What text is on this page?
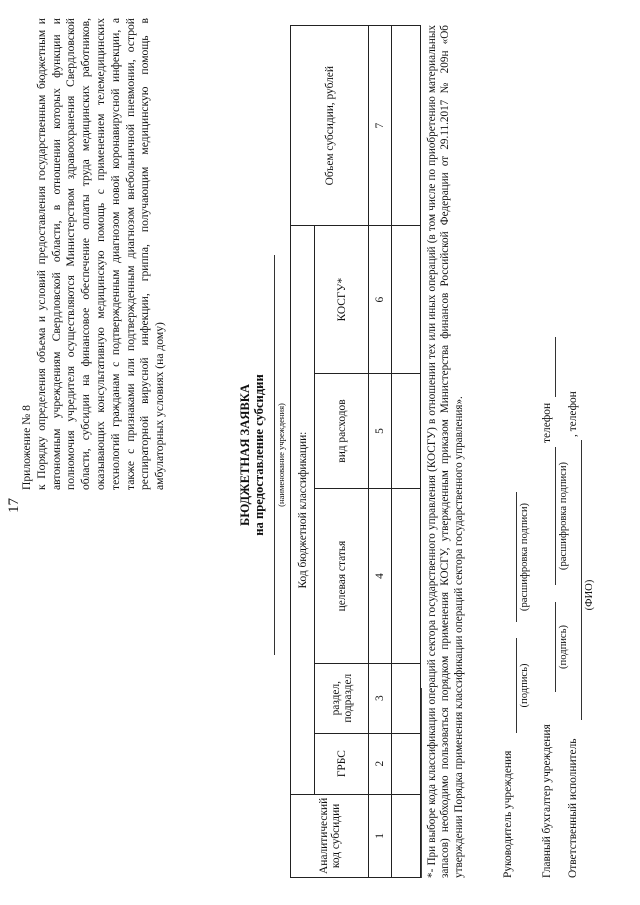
17
Приложение № 8 к Порядку определения объема и условий предоставления государственным бюджетным и автономным учреждениям Свердловской области, в отношении которых функции и полномочия учредителя осуществляются Министерством здравоохранения Свердловской области, субсидии на финансовое обеспечение оплаты труда медицинских работников, оказывающих консультативную медицинскую помощь с применением телемедицинских технологий гражданам с подтвержденным диагнозом новой коронавирусной инфекции, а также с признаками или подтвержденным диагнозом внебольничной пневмонии, острой респираторной вирусной инфекции, гриппа, получающим медицинскую помощь в амбулаторных условиях (на дому)	БЮДЖЕТНАЯ ЗАЯВКА на предоставление субсидии (наименование учреждения)
Аналитический код субсидии	Код бюджетной классификации:					Объем субсидии, рублей
	ГРБС	раздел, подраздел	целевая статья	вид расходов	КОСГУ*	
1	2	3	4	5	6	7
							*- При выборе кода классификации операций сектора государственного управления (КОСГУ) в отношении тех или иных операций (в том числе по приобретению материальных запасов) необходимо пользоваться порядком применения КОСГУ, утвержденным приказом Министерства финансов Российской Федерации от 29.11.2017 № 209н «Об утверждении Порядка применения классификации операций сектора государственного управления».	Руководитель учреждения
(подпись)
(расшифровка подписи)
Главный бухгалтер учреждения
телефон
(подпись)
(расшифровка подписи)
Ответственный исполнитель
, телефон
(ФИО)
